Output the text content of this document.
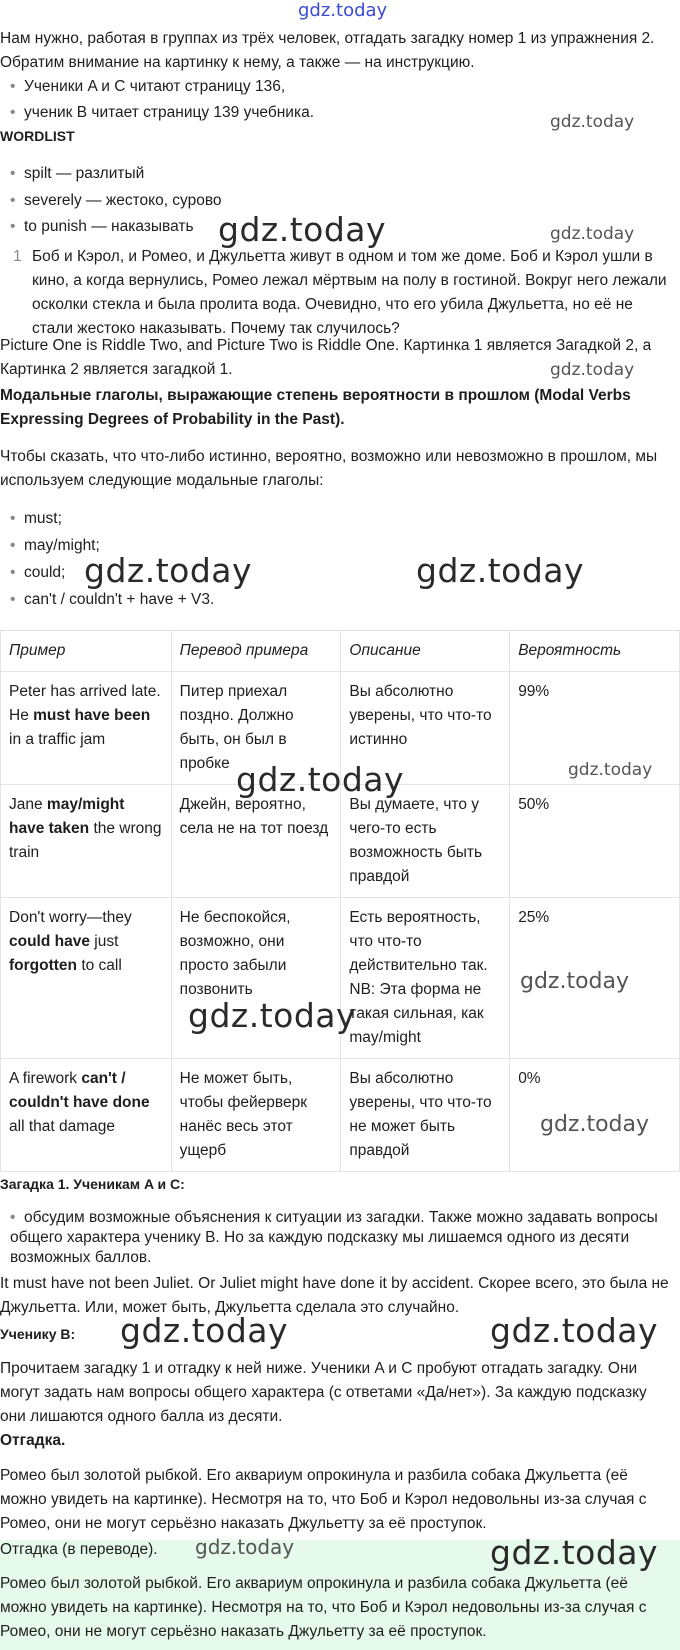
gdz.today

Нам нужно, работая в группах из трёх человек, отгадать загадку номер 1 из упражнения 2. Обратим внимание на картинку к нему, а также — на инструкцию.

• Ученики A и C читают страницу 136,
• ученик B читает страницу 139 учебника.

WORDLIST

• spilt — разлитый
• severely — жестоко, сурово
• to punish — наказывать
1 Боб и Кэрол, и Ромео, и Джульетта живут в одном и том же доме. Боб и Кэрол ушли в кино, а когда вернулись, Ромео лежал мёртвым на полу в гостиной. Вокруг него лежали осколки стекла и была пролита вода. Очевидно, что его убила Джульетта, но её не стали жестоко наказывать. Почему так случилось?

Picture One is Riddle Two, and Picture Two is Riddle One. Картинка 1 является Загадкой 2, а Картинка 2 является загадкой 1.

Модальные глаголы, выражающие степень вероятности в прошлом (Modal Verbs Expressing Degrees of Probability in the Past).

Чтобы сказать, что что-либо истинно, вероятно, возможно или невозможно в прошлом, мы используем следующие модальные глаголы:

• must;
• may/might;
• could;
• can't / couldn't + have + V3.
Пример	Перевод примера	Описание	Вероятность
Peter has arrived late. He must have been in a traffic jam	Питер приехал поздно. Должно быть, он был в пробке	Вы абсолютно уверены, что что-то истинно	99%
Jane may/might have taken the wrong train	Джейн, вероятно, села не на тот поезд	Вы думаете, что у чего-то есть возможность быть правдой	50%
Don't worry—they could have just forgotten to call	Не беспокойся, возможно, они просто забыли позвонить	Есть вероятность, что что-то действительно так. NB: Эта форма не такая сильная, как may/might	25%
A firework can't / couldn't have done all that damage	Не может быть, чтобы фейерверк нанёс весь этот ущерб	Вы абсолютно уверены, что что-то не может быть правдой	0%

Загадка 1. Ученикам A и C:

• обсудим возможные объяснения к ситуации из загадки. Также можно задавать вопросы общего характера ученику B. Но за каждую подсказку мы лишаемся одного из десяти возможных баллов.

It must have not been Juliet. Or Juliet might have done it by accident. Скорее всего, это была не Джульетта. Или, может быть, Джульетта сделала это случайно.

Ученику B:

Прочитаем загадку 1 и отгадку к ней ниже. Ученики A и C пробуют отгадать загадку. Они могут задать нам вопросы общего характера (с ответами «Да/нет»). За каждую подсказку они лишаются одного балла из десяти.

Отгадка.

Ромео был золотой рыбкой. Его аквариум опрокинула и разбила собака Джульетта (её можно увидеть на картинке). Несмотря на то, что Боб и Кэрол недовольны из-за случая с Ромео, они не могут серьёзно наказать Джульетту за её проступок.

Отгадка (в переводе).

Ромео был золотой рыбкой. Его аквариум опрокинула и разбила собака Джульетта (её можно увидеть на картинке). Несмотря на то, что Боб и Кэрол недовольны из-за случая с Ромео, они не могут серьёзно наказать Джульетту за её проступок.

gdz.today
gdz.today	gdz.today
gdz.today
gdz.today	gdz.today
gdz.today
gdz.today
gdz.today
gdz.today
gdz.today
gdz.today	gdz.today
gdz.today	gdz.today
